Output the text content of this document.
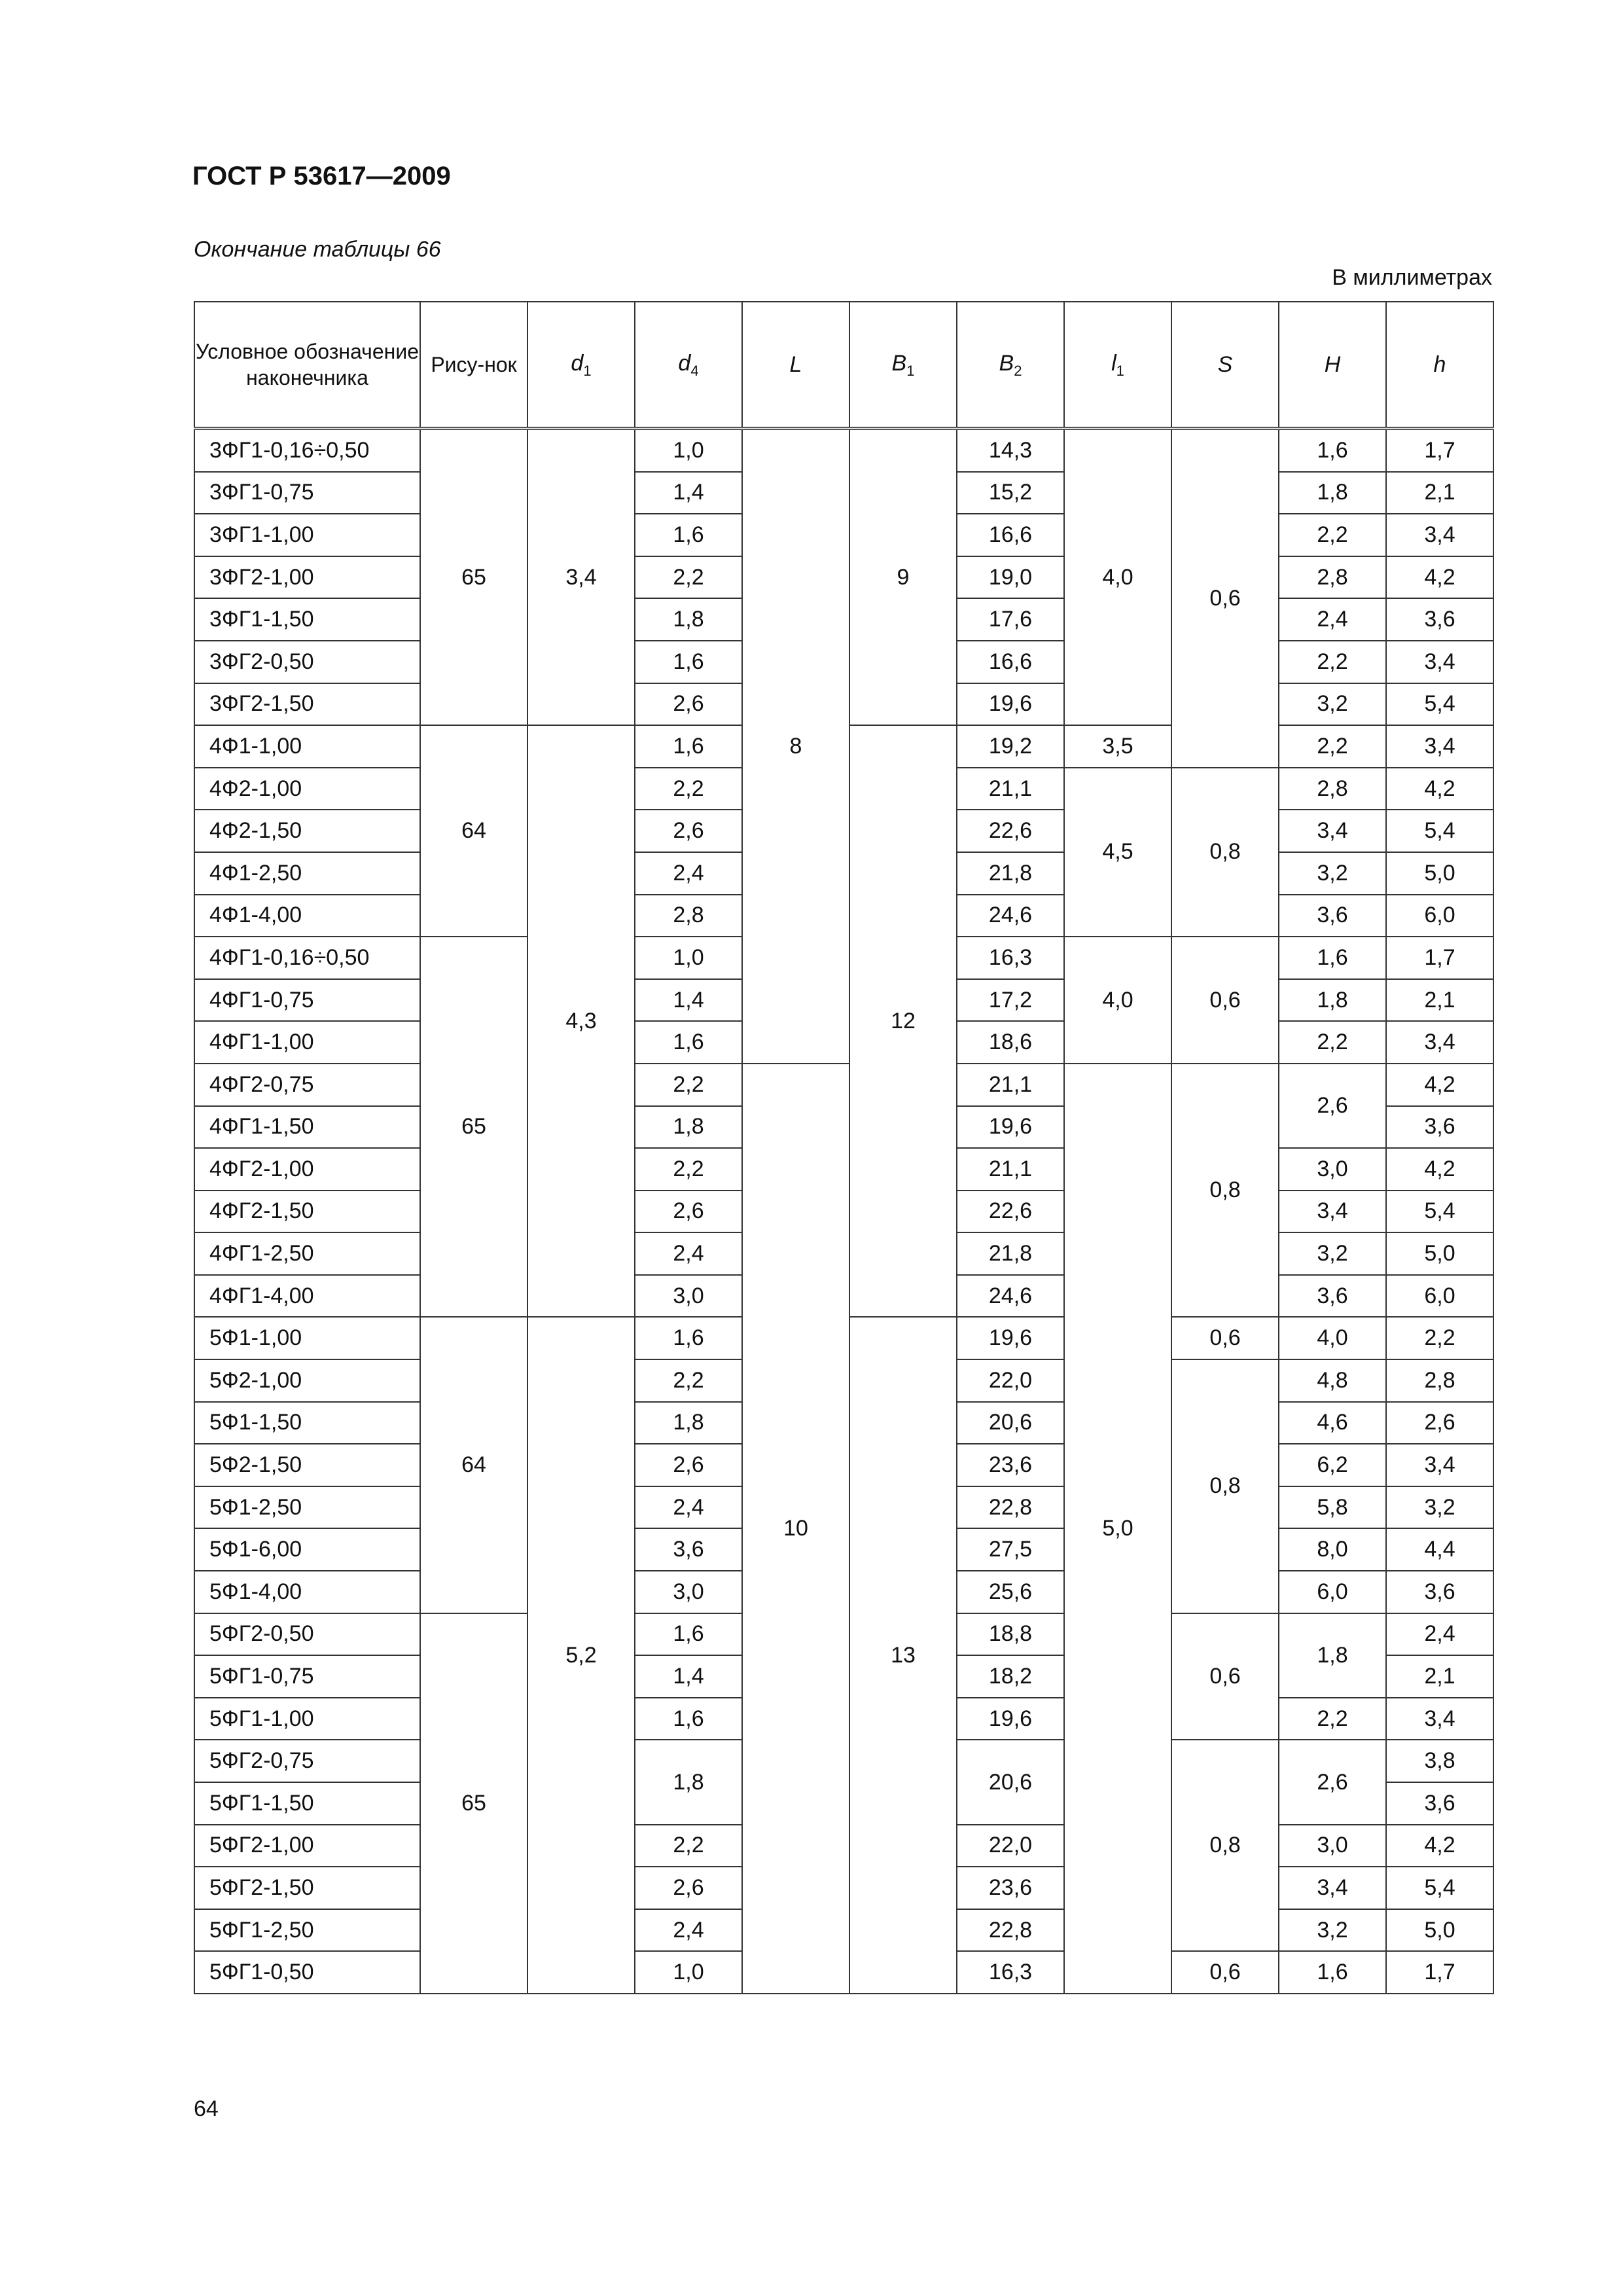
ГОСТ Р 53617—2009
Окончание таблицы 66
В миллиметрах
Условное обозначение наконечника	Рису-нок	$d_1$	$d_4$	L	$B_1$	$B_2$	$l_1$	S	H	h
3ФГ1-0,16÷0,50	65	3,4	1,0	8	9	14,3	4,0	0,6	1,6	1,7
3ФГ1-0,75			1,4			15,2			1,8	2,1
3ФГ1-1,00			1,6			16,6			2,2	3,4
3ФГ2-1,00			2,2			19,0			2,8	4,2
3ФГ1-1,50			1,8			17,6			2,4	3,6
3ФГ2-0,50			1,6			16,6			2,2	3,4
3ФГ2-1,50			2,6			19,6			3,2	5,4
4Ф1-1,00	64	4,3	1,6		12	19,2	3,5		2,2	3,4
4Ф2-1,00			2,2			21,1	4,5	0,8	2,8	4,2
4Ф2-1,50			2,6			22,6			3,4	5,4
4Ф1-2,50			2,4			21,8			3,2	5,0
4Ф1-4,00			2,8			24,6			3,6	6,0
4ФГ1-0,16÷0,50	65		1,0			16,3	4,0	0,6	1,6	1,7
4ФГ1-0,75			1,4			17,2			1,8	2,1
4ФГ1-1,00			1,6			18,6			2,2	3,4
4ФГ2-0,75			2,2	10		21,1	5,0	0,8	2,6	4,2
4ФГ1-1,50			1,8			19,6				3,6
4ФГ2-1,00			2,2			21,1			3,0	4,2
4ФГ2-1,50			2,6			22,6			3,4	5,4
4ФГ1-2,50			2,4			21,8			3,2	5,0
4ФГ1-4,00			3,0			24,6			3,6	6,0
5Ф1-1,00	64	5,2	1,6		13	19,6		0,6	4,0	2,2
5Ф2-1,00			2,2			22,0		0,8	4,8	2,8
5Ф1-1,50			1,8			20,6			4,6	2,6
5Ф2-1,50			2,6			23,6			6,2	3,4
5Ф1-2,50			2,4			22,8			5,8	3,2
5Ф1-6,00			3,6			27,5			8,0	4,4
5Ф1-4,00			3,0			25,6			6,0	3,6
5ФГ2-0,50	65		1,6			18,8		0,6	1,8	2,4
5ФГ1-0,75			1,4			18,2				2,1
5ФГ1-1,00			1,6			19,6			2,2	3,4
5ФГ2-0,75			1,8			20,6		0,8	2,6	3,8
5ФГ1-1,50										3,6
5ФГ2-1,00			2,2			22,0			3,0	4,2
5ФГ2-1,50			2,6			23,6			3,4	5,4
5ФГ1-2,50			2,4			22,8			3,2	5,0
5ФГ1-0,50			1,0			16,3		0,6	1,6	1,7
64
